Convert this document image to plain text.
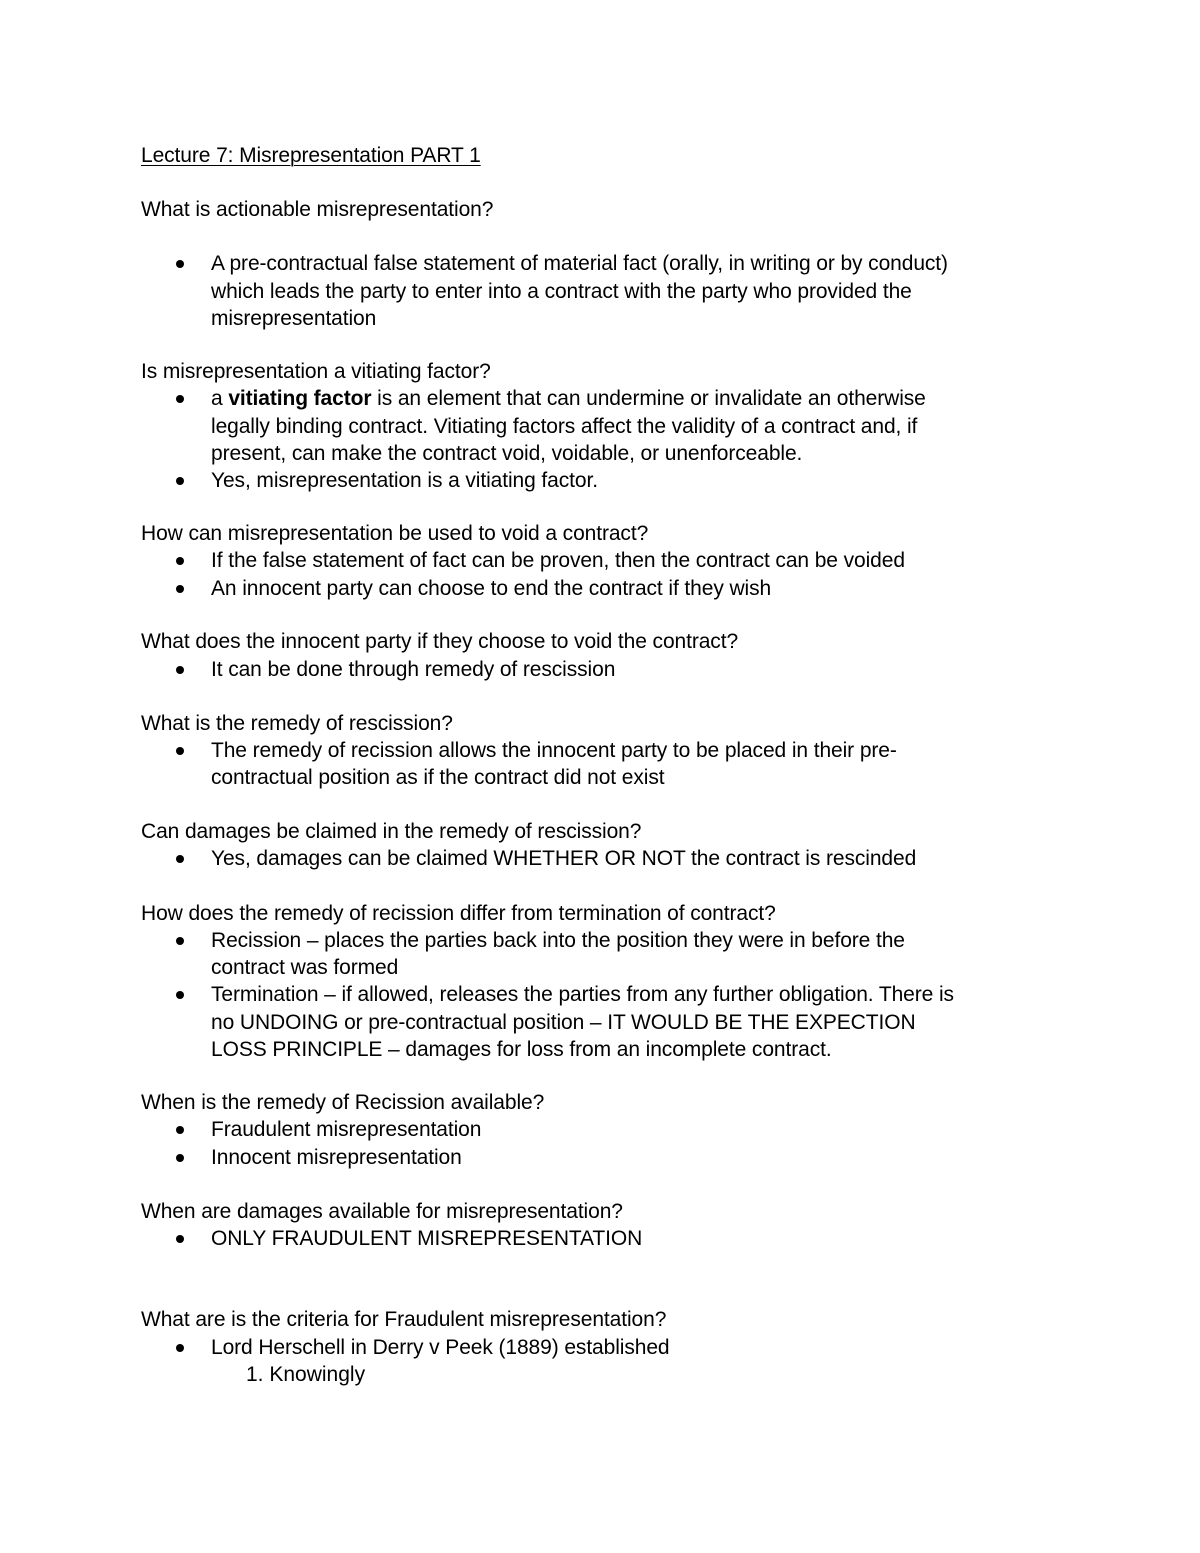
Lecture 7: Misrepresentation PART 1
What is actionable misrepresentation?
A pre-contractual false statement of material fact (orally, in writing or by conduct)
which leads the party to enter into a contract with the party who provided the
misrepresentation
Is misrepresentation a vitiating factor?
a vitiating factor is an element that can undermine or invalidate an otherwise
legally binding contract. Vitiating factors affect the validity of a contract and, if
present, can make the contract void, voidable, or unenforceable.
Yes, misrepresentation is a vitiating factor.
How can misrepresentation be used to void a contract?
If the false statement of fact can be proven, then the contract can be voided
An innocent party can choose to end the contract if they wish
What does the innocent party if they choose to void the contract?
It can be done through remedy of rescission
What is the remedy of rescission?
The remedy of recission allows the innocent party to be placed in their pre-
contractual position as if the contract did not exist
Can damages be claimed in the remedy of rescission?
Yes, damages can be claimed WHETHER OR NOT the contract is rescinded
How does the remedy of recission differ from termination of contract?
Recission – places the parties back into the position they were in before the
contract was formed
Termination – if allowed, releases the parties from any further obligation. There is
no UNDOING or pre-contractual position – IT WOULD BE THE EXPECTION
LOSS PRINCIPLE – damages for loss from an incomplete contract.
When is the remedy of Recission available?
Fraudulent misrepresentation
Innocent misrepresentation
When are damages available for misrepresentation?
ONLY FRAUDULENT MISREPRESENTATION
What are is the criteria for Fraudulent misrepresentation?
Lord Herschell in Derry v Peek (1889) established
1. Knowingly
